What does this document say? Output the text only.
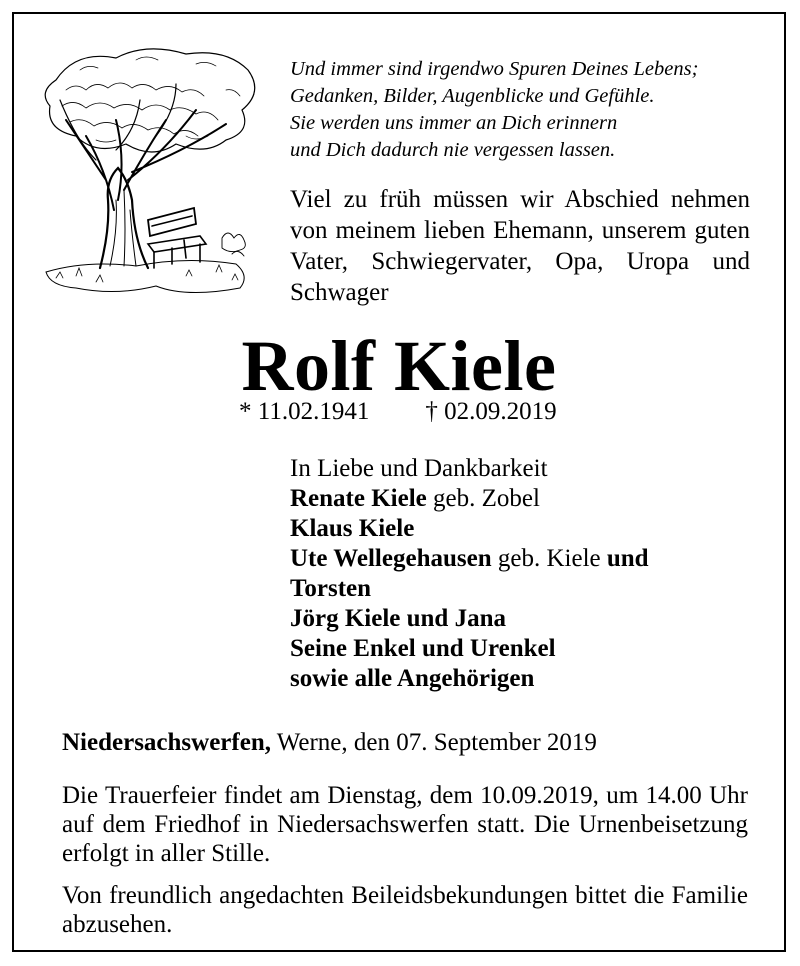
Und immer sind irgendwo Spuren Deines Lebens;
Gedanken, Bilder, Augenblicke und Gefühle.
Sie werden uns immer an Dich erinnern
und Dich dadurch nie vergessen lassen.
Viel zu früh müssen wir Abschied nehmen von meinem lieben Ehemann, unserem guten Vater, Schwiegervater, Opa, Uropa und Schwager
Rolf Kiele
* 11.02.1941 † 02.09.2019
In Liebe und Dankbarkeit
Renate Kiele geb. Zobel
Klaus Kiele
Ute Wellegehausen geb. Kiele und
Torsten
Jörg Kiele und Jana
Seine Enkel und Urenkel
sowie alle Angehörigen
Niedersachswerfen, Werne, den 07. September 2019
Die Trauerfeier findet am Dienstag, dem 10.09.2019, um 14.00 Uhr auf dem Friedhof in Niedersachswerfen statt. Die Urnenbeisetzung erfolgt in aller Stille.
Von freundlich angedachten Beileidsbekundungen bittet die Familie abzusehen.
